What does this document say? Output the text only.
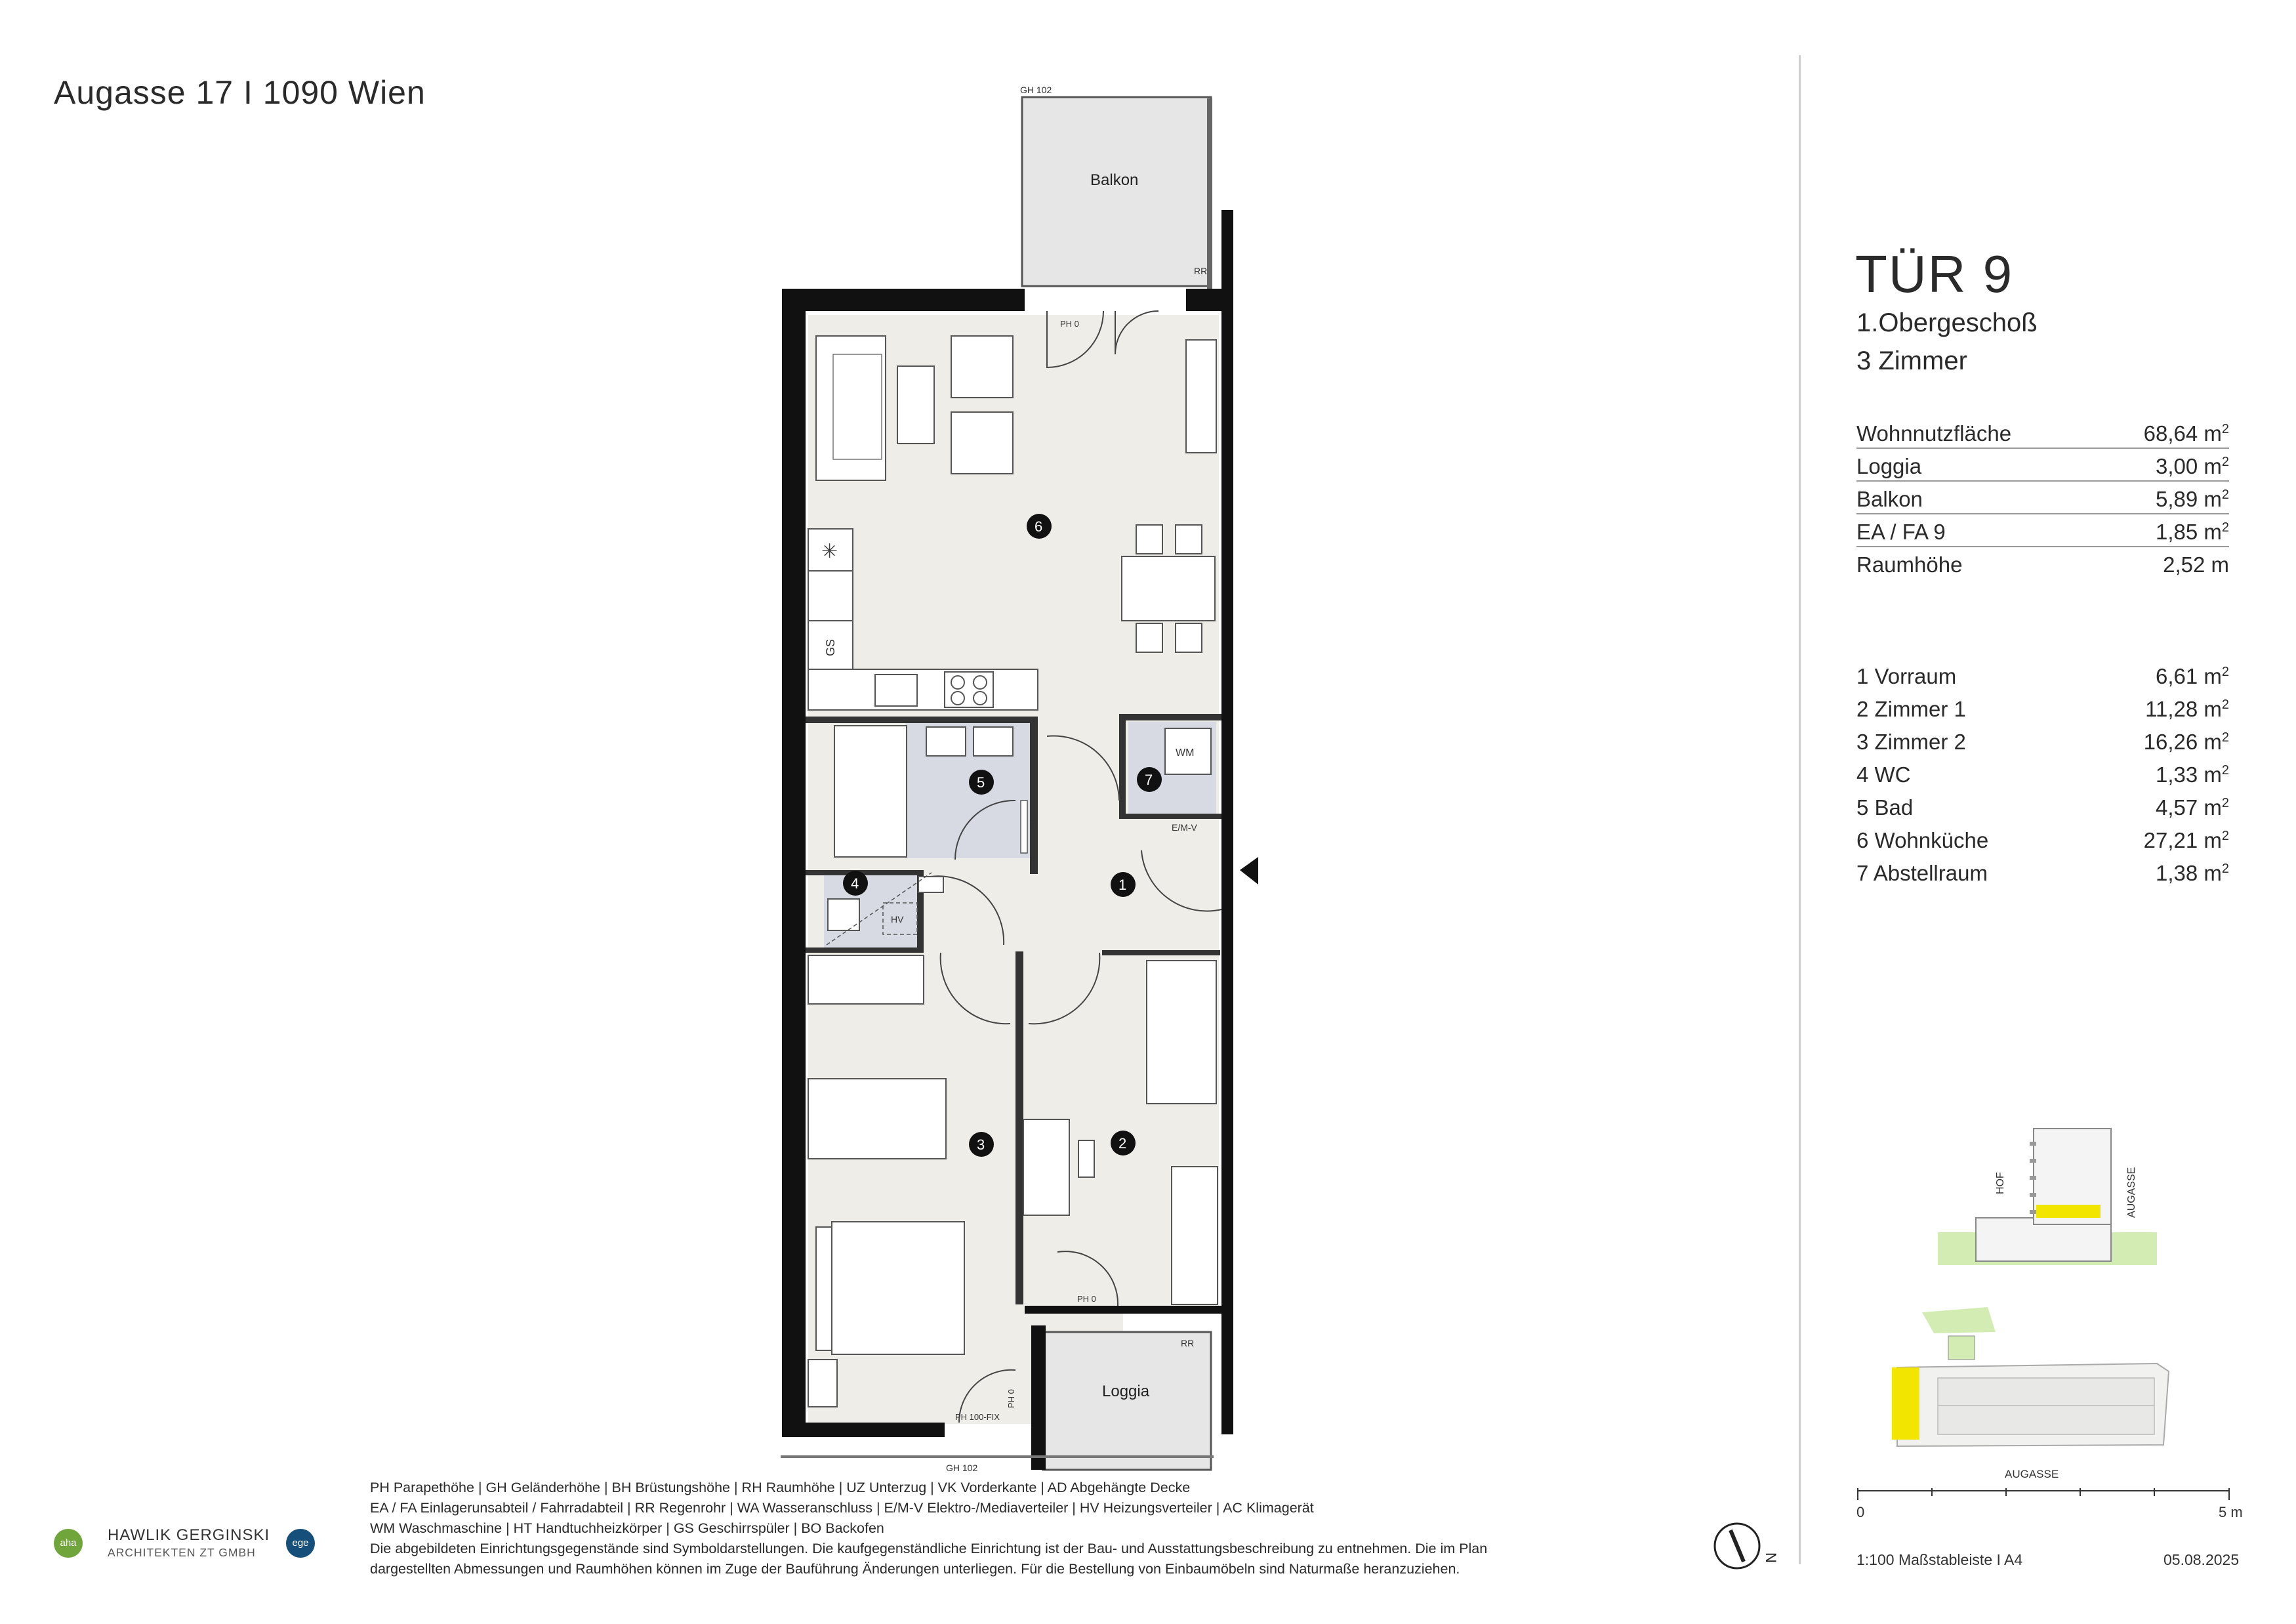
Augasse 17 I 1090 Wien
Balkon
GH 102
RR
Loggia
RR
GH 102
✳
GS
HT
HV
WM
E/M-V
PH 100-FIX
PH 0
PH 0
PH 0
6
5	7
4	1
3	2
N
TÜR 9
1.Obergeschoß
3 Zimmer
Wohnnutzfläche	68,64 $m^2$
Loggia	3,00 $m^2$
Balkon	5,89 $m^2$
EA / FA 9	1,85 $m^2$
Raumhöhe	2,52 m
1 Vorraum	6,61 $m^2$
2 Zimmer 1	11,28 $m^2$
3 Zimmer 2	16,26 $m^2$
4 WC	1,33 $m^2$
5 Bad	4,57 $m^2$
6 Wohnküche	27,21 $m^2$
7 Abstellraum	1,38 $m^2$
HOF	AUGASSE
AUGASSE
0	5 m
1:100 Maßstableiste I A4	05.08.2025
PH Parapethöhe | GH Geländerhöhe | BH Brüstungshöhe | RH Raumhöhe | UZ Unterzug | VK Vorderkante | AD Abgehängte Decke
EA / FA Einlagerunsabteil / Fahrradabteil | RR Regenrohr | WA Wasseranschluss | E/M-V Elektro-/Mediaverteiler | HV Heizungsverteiler | AC Klimagerät
WM Waschmaschine | HT Handtuchheizkörper | GS Geschirrspüler | BO Backofen
Die abgebildeten Einrichtungsgegenstände sind Symboldarstellungen. Die kaufgegenständliche Einrichtung ist der Bau- und Ausstattungsbeschreibung zu entnehmen. Die im Plan
dargestellten Abmessungen und Raumhöhen können im Zuge der Bauführung Änderungen unterliegen. Für die Bestellung von Einbaumöbeln sind Naturmaße heranzuziehen.
aha	HAWLIK GERGINSKI
ARCHITEKTEN ZT GMBH
ege
